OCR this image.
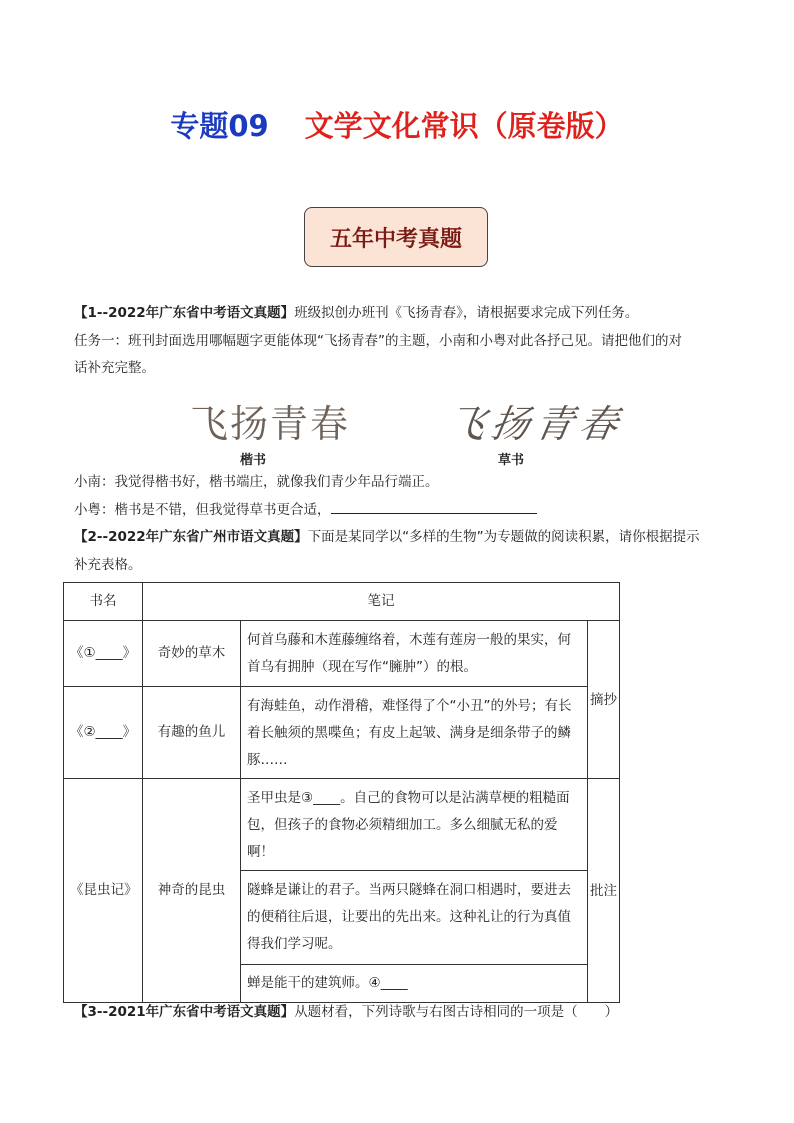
专题09 文学文化常识（原卷版）
五年中考真题
【1--2022年广东省中考语文真题】班级拟创办班刊《飞扬青春》，请根据要求完成下列任务。
任务一：班刊封面选用哪幅题字更能体现“飞扬青春”的主题，小南和小粤对此各抒己见。请把他们的对
话补充完整。
飞扬青春 飞扬青春
楷书	草书
小南：我觉得楷书好，楷书端庄，就像我们青少年品行端正。
小粤：楷书是不错，但我觉得草书更合适，
【2--2022年广东省广州市语文真题】下面是某同学以“多样的生物”为专题做的阅读积累，请你根据提示
补充表格。
书名	笔记		
《①____》	奇妙的草木	何首乌藤和木莲藤缠络着，木莲有莲房一般的果实，何首乌有拥肿（现在写作“臃肿”）的根。	摘抄
《②____》	有趣的鱼儿	有海蛙鱼，动作滑稽，难怪得了个“小丑”的外号；有长着长触须的黑喋鱼；有皮上起皱、满身是细条带子的鳞豚……	
《昆虫记》	神奇的昆虫	圣甲虫是③____。自己的食物可以是沾满草梗的粗糙面包，但孩子的食物必须精细加工。多么细腻无私的爱啊！	批注
		隧蜂是谦让的君子。当两只隧蜂在洞口相遇时，要进去的便稍往后退，让要出的先出来。这种礼让的行为真值得我们学习呢。	
		蝉是能干的建筑师。④____	
【3--2021年广东省中考语文真题】从题材看，下列诗歌与右图古诗相同的一项是（　　）
